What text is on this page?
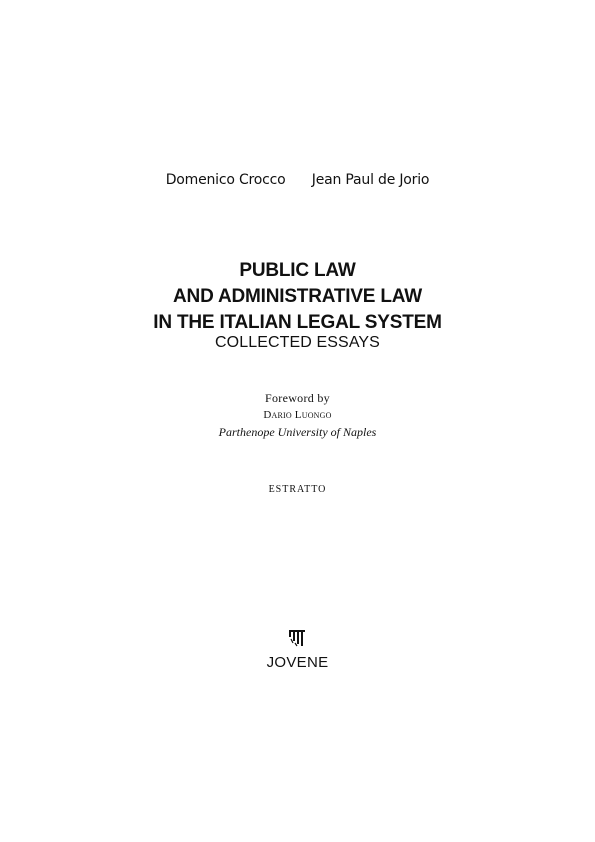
Domenico Crocco Jean Paul de Jorio
PUBLIC LAW
AND ADMINISTRATIVE LAW
IN THE ITALIAN LEGAL SYSTEM
COLLECTED ESSAYS
Foreword by
Dario Luongo
Parthenope University of Naples
ESTRATTO
JOVENE
